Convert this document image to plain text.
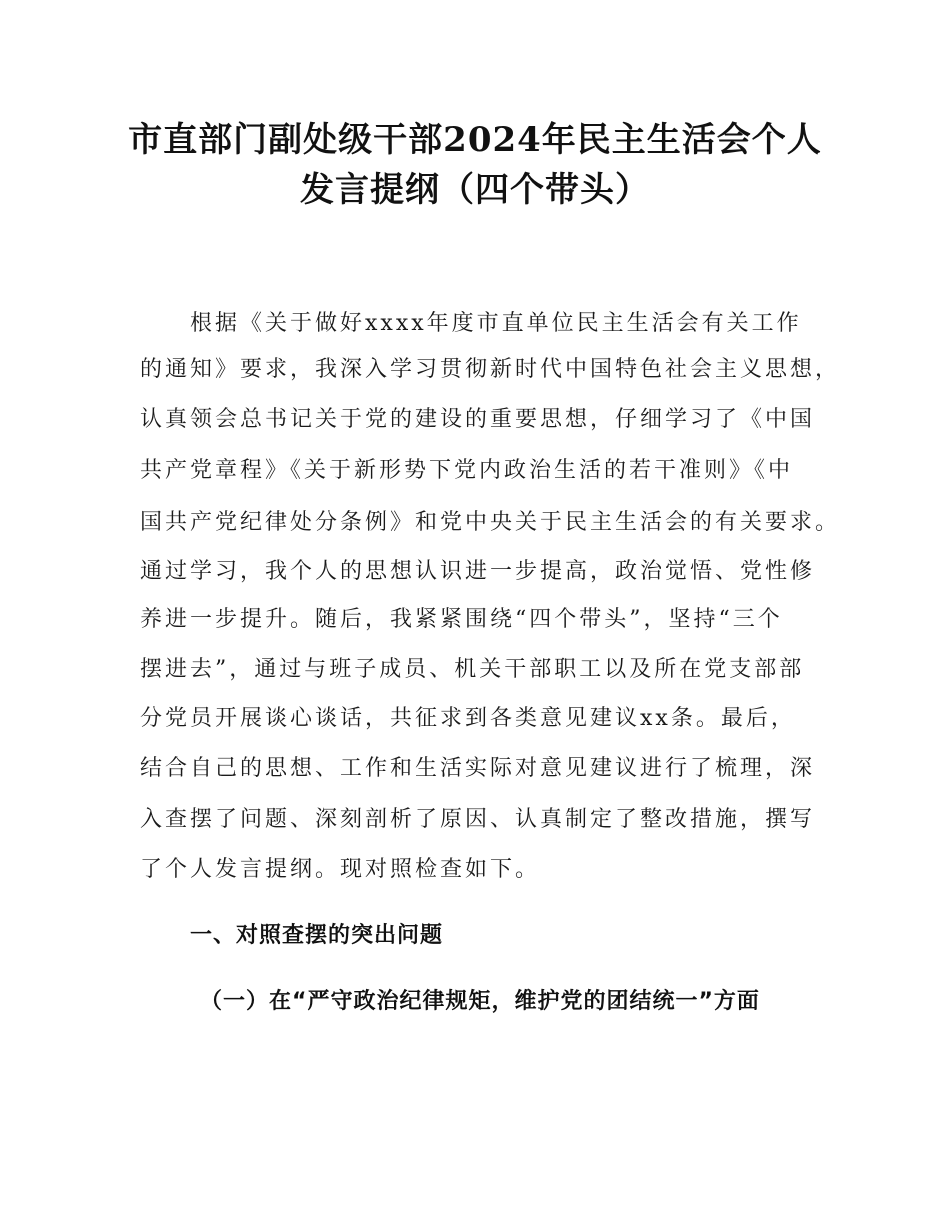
市直部门副处级干部2024年民主生活会个人
发言提纲（四个带头）

根据《关于做好xxxx年度市直单位民主生活会有关工作

的通知》要求，我深入学习贯彻新时代中国特色社会主义思想，

认真领会总书记关于党的建设的重要思想，仔细学习了《中国

共产党章程》《关于新形势下党内政治生活的若干准则》《中

国共产党纪律处分条例》和党中央关于民主生活会的有关要求。

通过学习，我个人的思想认识进一步提高，政治觉悟、党性修

养进一步提升。随后，我紧紧围绕“四个带头”，坚持“三个

摆进去”，通过与班子成员、机关干部职工以及所在党支部部

分党员开展谈心谈话，共征求到各类意见建议xx条。最后，

结合自己的思想、工作和生活实际对意见建议进行了梳理，深

入查摆了问题、深刻剖析了原因、认真制定了整改措施，撰写

了个人发言提纲。现对照检查如下。

一、对照查摆的突出问题
（一）在“严守政治纪律规矩，维护党的团结统一”方面
